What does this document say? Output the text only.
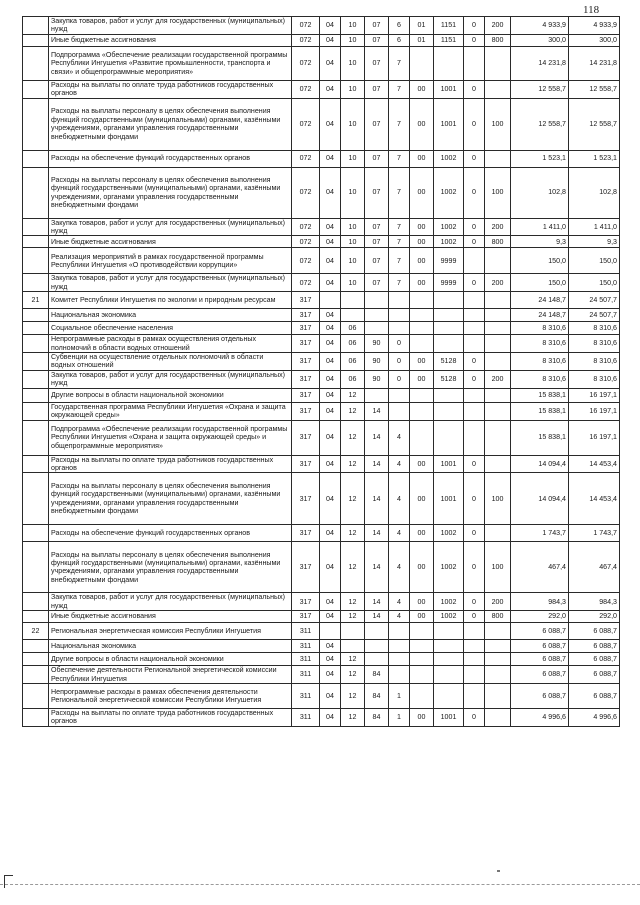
118
	Закупка товаров, работ и услуг для государственных (муниципальных) нужд	072	04	10	07	6	01	1151	0	200	4 933,9	4 933,9
	Иные бюджетные ассигнования	072	04	10	07	6	01	1151	0	800	300,0	300,0
	Подпрограмма «Обеспечение реализации государственной программы Республики Ингушетия «Развитие промышленности, транспорта и связи» и общепрограммные мероприятия»	072	04	10	07	7					14 231,8	14 231,8
	Расходы на выплаты по оплате труда работников государственных органов	072	04	10	07	7	00	1001	0		12 558,7	12 558,7
	Расходы на выплаты персоналу в целях обеспечения выполнения функций государственными (муниципальными) органами, казёнными учреждениями, органами управления государственными внебюджетными фондами	072	04	10	07	7	00	1001	0	100	12 558,7	12 558,7
	Расходы на обеспечение функций государственных органов	072	04	10	07	7	00	1002	0		1 523,1	1 523,1
	Расходы на выплаты персоналу в целях обеспечения выполнения функций государственными (муниципальными) органами, казёнными учреждениями, органами управления государственными внебюджетными фондами	072	04	10	07	7	00	1002	0	100	102,8	102,8
	Закупка товаров, работ и услуг для государственных (муниципальных) нужд	072	04	10	07	7	00	1002	0	200	1 411,0	1 411,0
	Иные бюджетные ассигнования	072	04	10	07	7	00	1002	0	800	9,3	9,3
	Реализация мероприятий в рамках государственной программы Республики Ингушетия «О противодействии коррупции»	072	04	10	07	7	00	9999			150,0	150,0
	Закупка товаров, работ и услуг для государственных (муниципальных) нужд	072	04	10	07	7	00	9999	0	200	150,0	150,0
21	Комитет Республики Ингушетия по экологии и природным ресурсам	317									24 148,7	24 507,7
	Национальная экономика	317	04								24 148,7	24 507,7
	Социальное обеспечение населения	317	04	06							8 310,6	8 310,6
	Непрограммные расходы в рамках осуществления отдельных полномочий в области водных отношений	317	04	06	90	0					8 310,6	8 310,6
	Субвенции на осуществление отдельных полномочий в области водных отношений	317	04	06	90	0	00	5128	0		8 310,6	8 310,6
	Закупка товаров, работ и услуг для государственных (муниципальных) нужд	317	04	06	90	0	00	5128	0	200	8 310,6	8 310,6
	Другие вопросы в области национальной экономики	317	04	12							15 838,1	16 197,1
	Государственная программа Республики Ингушетия «Охрана и защита окружающей среды»	317	04	12	14						15 838,1	16 197,1
	Подпрограмма «Обеспечение реализации государственной программы Республики Ингушетия «Охрана и защита окружающей среды» и общепрограммные мероприятия»	317	04	12	14	4					15 838,1	16 197,1
	Расходы на выплаты по оплате труда работников государственных органов	317	04	12	14	4	00	1001	0		14 094,4	14 453,4
	Расходы на выплаты персоналу в целях обеспечения выполнения функций государственными (муниципальными) органами, казёнными учреждениями, органами управления государственными внебюджетными фондами	317	04	12	14	4	00	1001	0	100	14 094,4	14 453,4
	Расходы на обеспечение функций государственных органов	317	04	12	14	4	00	1002	0		1 743,7	1 743,7
	Расходы на выплаты персоналу в целях обеспечения выполнения функций государственными (муниципальными) органами, казёнными учреждениями, органами управления государственными внебюджетными фондами	317	04	12	14	4	00	1002	0	100	467,4	467,4
	Закупка товаров, работ и услуг для государственных (муниципальных) нужд	317	04	12	14	4	00	1002	0	200	984,3	984,3
	Иные бюджетные ассигнования	317	04	12	14	4	00	1002	0	800	292,0	292,0
22	Региональная энергетическая комиссия Республики Ингушетия	311									6 088,7	6 088,7
	Национальная экономика	311	04								6 088,7	6 088,7
	Другие вопросы в области национальной экономики	311	04	12							6 088,7	6 088,7
	Обеспечение деятельности Региональной энергетической комиссии Республики Ингушетия	311	04	12	84						6 088,7	6 088,7
	Непрограммные расходы в рамках обеспечения деятельности Региональной энергетической комиссии Республики Ингушетия	311	04	12	84	1					6 088,7	6 088,7
	Расходы на выплаты по оплате труда работников государственных органов	311	04	12	84	1	00	1001	0		4 996,6	4 996,6
